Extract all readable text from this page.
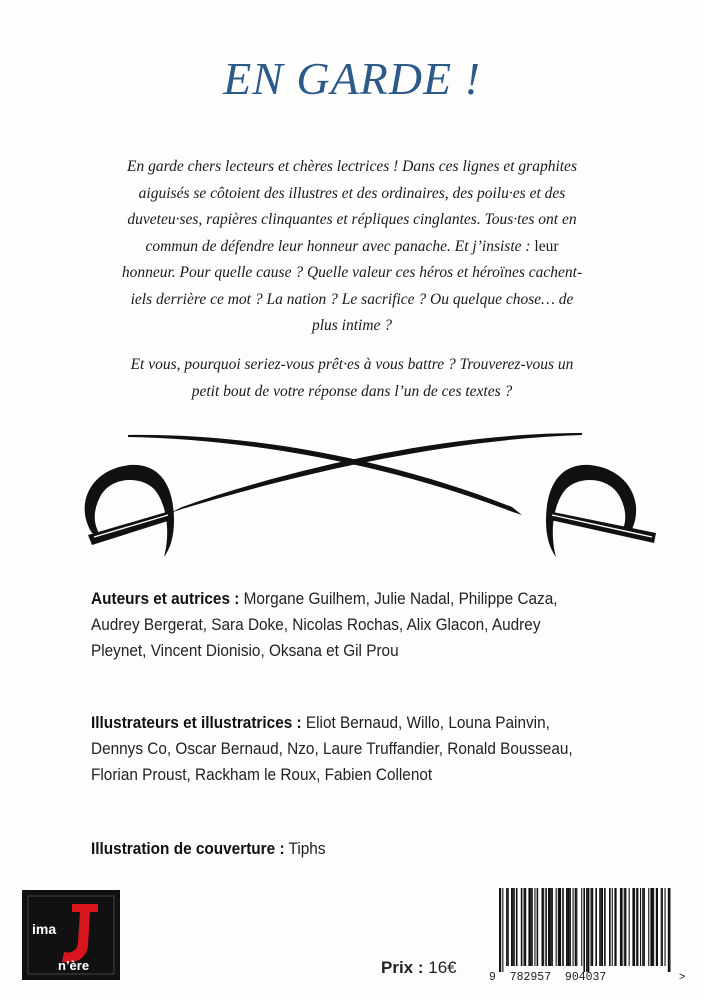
EN GARDE !

En garde chers lecteurs et chères lectrices ! Dans ces lignes et graphites aiguisés se côtoient des illustres et des ordinaires, des poilu·es et des duveteu·ses, rapières clinquantes et répliques cinglantes. Tous·tes ont en commun de défendre leur honneur avec panache. Et j’insiste : leur honneur. Pour quelle cause ? Quelle valeur ces héros et héroïnes cachent-iels derrière ce mot ? La nation ? Le sacrifice ? Ou quelque chose… de plus intime ?

Et vous, pourquoi seriez-vous prêt·es à vous battre ? Trouverez-vous un petit bout de votre réponse dans l’un de ces textes ?

Auteurs et autrices : Morgane Guilhem, Julie Nadal, Philippe Caza, Audrey Bergerat, Sara Doke, Nicolas Rochas, Alix Glacon, Audrey Pleynet, Vincent Dionisio, Oksana et Gil Prou
Illustrateurs et illustratrices : Eliot Bernaud, Willo, Louna Painvin, Dennys Co, Oscar Bernaud, Nzo, Laure Truffandier, Ronald Bousseau, Florian Proust, Rackham le Roux, Fabien Collenot
Illustration de couverture : Tiphs
ima
n’ère	Prix : 16€
9  782957  904037	>
